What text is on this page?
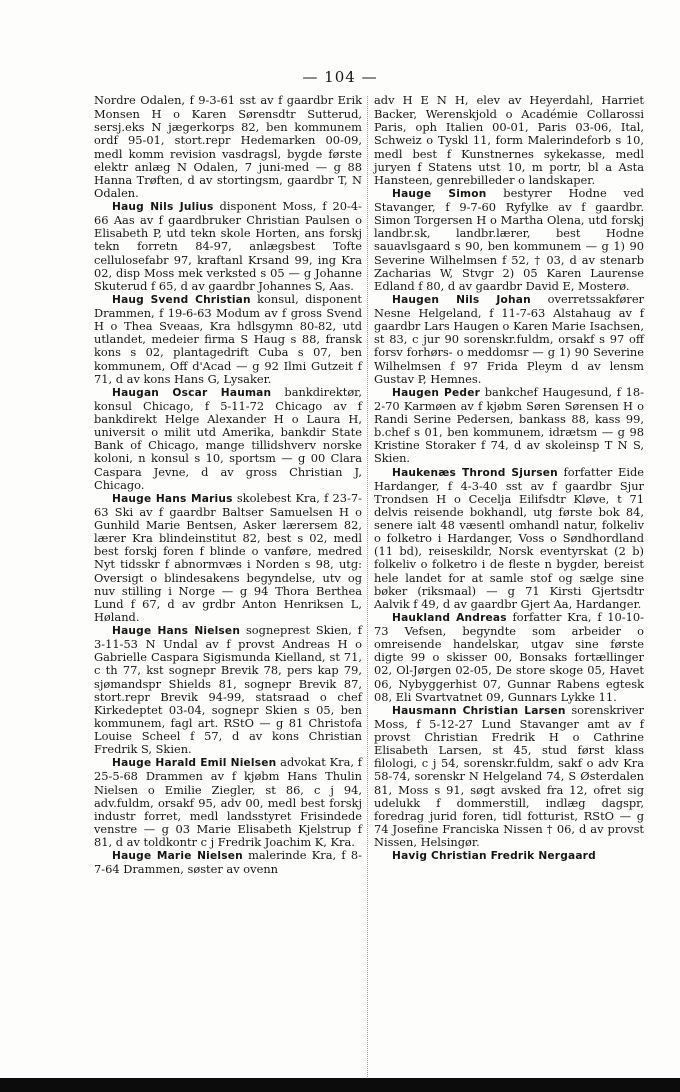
— 104 —

Nordre Odalen, f 9-3-61 sst av f gaardbr Erik Monsen H o Karen Sørensdtr Sutterud, sersj.eks N jægerkorps 82, ben kommunem ordf 95-01, stort.repr Hedemarken 00-09, medl komm revision vasdragsl, bygde første elektr anlæg N Odalen, 7 juni-med — g 88 Hanna Trøften, d av stortingsm, gaardbr T, N Odalen.

Haug Nils Julius disponent Moss, f 20-4-66 Aas av f gaardbruker Christian Paulsen o Elisabeth P, utd tekn skole Horten, ans forskj tekn forretn 84-97, anlægsbest Tofte cellulosefabr 97, kraftanl Krsand 99, ing Kra 02, disp Moss mek verksted s 05 — g Johanne Skuterud f 65, d av gaardbr Johannes S, Aas.

Haug Svend Christian konsul, disponent Drammen, f 19-6-63 Modum av f gross Svend H o Thea Sveaas, Kra hdlsgymn 80-82, utd utlandet, medeier firma S Haug s 88, fransk kons s 02, plantagedrift Cuba s 07, ben kommunem, Off d'Acad — g 92 Ilmi Gutzeit f 71, d av kons Hans G, Lysaker.

Haugan Oscar Hauman bankdirektør, konsul Chicago, f 5-11-72 Chicago av f bankdirekt Helge Alexander H o Laura H, universit o milit utd Amerika, bankdir State Bank of Chicago, mange tillidshverv norske koloni, n konsul s 10, sportsm — g 00 Clara Caspara Jevne, d av gross Christian J, Chicago.

Hauge Hans Marius skolebest Kra, f 23-7-63 Ski av f gaardbr Baltser Samuelsen H o Gunhild Marie Bentsen, Asker lærersem 82, lærer Kra blindeinstitut 82, best s 02, medl best forskj foren f blinde o vanføre, medred Nyt tidsskr f abnormvæs i Norden s 98, utg: Oversigt o blindesakens begyndelse, utv og nuv stilling i Norge — g 94 Thora Berthea Lund f 67, d av grdbr Anton Henriksen L, Høland.

Hauge Hans Nielsen sogneprest Skien, f 3-11-53 N Undal av f provst Andreas H o Gabrielle Caspara Sigismunda Kielland, st 71, c th 77, kst sognepr Brevik 78, pers kap 79, sjømandspr Shields 81, sognepr Brevik 87, stort.repr Brevik 94-99, statsraad o chef Kirkedeptet 03-04, sognepr Skien s 05, ben kommunem, fagl art. RStO — g 81 Christofa Louise Scheel f 57, d av kons Christian Fredrik S, Skien.

Hauge Harald Emil Nielsen advokat Kra, f 25-5-68 Drammen av f kjøbm Hans Thulin Nielsen o Emilie Ziegler, st 86, c j 94, adv.fuldm, orsakf 95, adv 00, medl best forskj industr forret, medl landsstyret Frisindede venstre — g 03 Marie Elisabeth Kjelstrup f 81, d av toldkontr c j Fredrik Joachim K, Kra.

Hauge Marie Nielsen malerinde Kra, f 8-7-64 Drammen, søster av ovenn

adv H E N H, elev av Heyerdahl, Harriet Backer, Werenskjold o Académie Collarossi Paris, oph Italien 00-01, Paris 03-06, Ital, Schweiz o Tyskl 11, form Malerindeforb s 10, medl best f Kunstnernes sykekasse, medl juryen f Statens utst 10, m portr, bl a Asta Hansteen, genrebilleder o landskaper.

Hauge Simon bestyrer Hodne ved Stavanger, f 9-7-60 Ryfylke av f gaardbr. Simon Torgersen H o Martha Olena, utd forskj landbr.sk, landbr.lærer, best Hodne sauavlsgaard s 90, ben kommunem — g 1) 90 Severine Wilhelmsen f 52, † 03, d av stenarb Zacharias W, Stvgr 2) 05 Karen Laurense Edland f 80, d av gaardbr David E, Mosterø.

Haugen Nils Johan overretssakfører Nesne Helgeland, f 11-7-63 Alstahaug av f gaardbr Lars Haugen o Karen Marie Isachsen, st 83, c jur 90 sorenskr.fuldm, orsakf s 97 off forsv forhørs- o meddomsr — g 1) 90 Severine Wilhelmsen f 97 Frida Pleym d av lensm Gustav P, Hemnes.

Haugen Peder bankchef Haugesund, f 18-2-70 Karmøen av f kjøbm Søren Sørensen H o Randi Serine Pedersen, bankass 88, kass 99, b.chef s 01, ben kommunem, idrætsm — g 98 Kristine Storaker f 74, d av skoleinsp T N S, Skien.

Haukenæs Thrond Sjursen forfatter Eide Hardanger, f 4-3-40 sst av f gaardbr Sjur Trondsen H o Cecelja Eilifsdtr Kløve, t 71 delvis reisende bokhandl, utg første bok 84, senere ialt 48 væsentl omhandl natur, folkeliv o folketro i Hardanger, Voss o Søndhordland (11 bd), reiseskildr, Norsk eventyrskat (2 b) folkeliv o folketro i de fleste n bygder, bereist hele landet for at samle stof og sælge sine bøker (riksmaal) — g 71 Kirsti Gjertsdtr Aalvik f 49, d av gaardbr Gjert Aa, Hardanger.

Haukland Andreas forfatter Kra, f 10-10-73 Vefsen, begyndte som arbeider o omreisende handelskar, utgav sine første digte 99 o skisser 00, Bonsaks fortællinger 02, Ol-Jørgen 02-05, De store skoge 05, Havet 06, Nybyggerhist 07, Gunnar Rabens egtesk 08, Eli Svartvatnet 09, Gunnars Lykke 11.

Hausmann Christian Larsen sorenskriver Moss, f 5-12-27 Lund Stavanger amt av f provst Christian Fredrik H o Cathrine Elisabeth Larsen, st 45, stud først klass filologi, c j 54, sorenskr.fuldm, sakf o adv Kra 58-74, sorenskr N Helgeland 74, S Østerdalen 81, Moss s 91, søgt avsked fra 12, ofret sig udelukk f dommerstill, indlæg dagspr, foredrag jurid foren, tidl fotturist, RStO — g 74 Josefine Franciska Nissen † 06, d av provst Nissen, Helsingør.

Havig Christian Fredrik Nergaard
